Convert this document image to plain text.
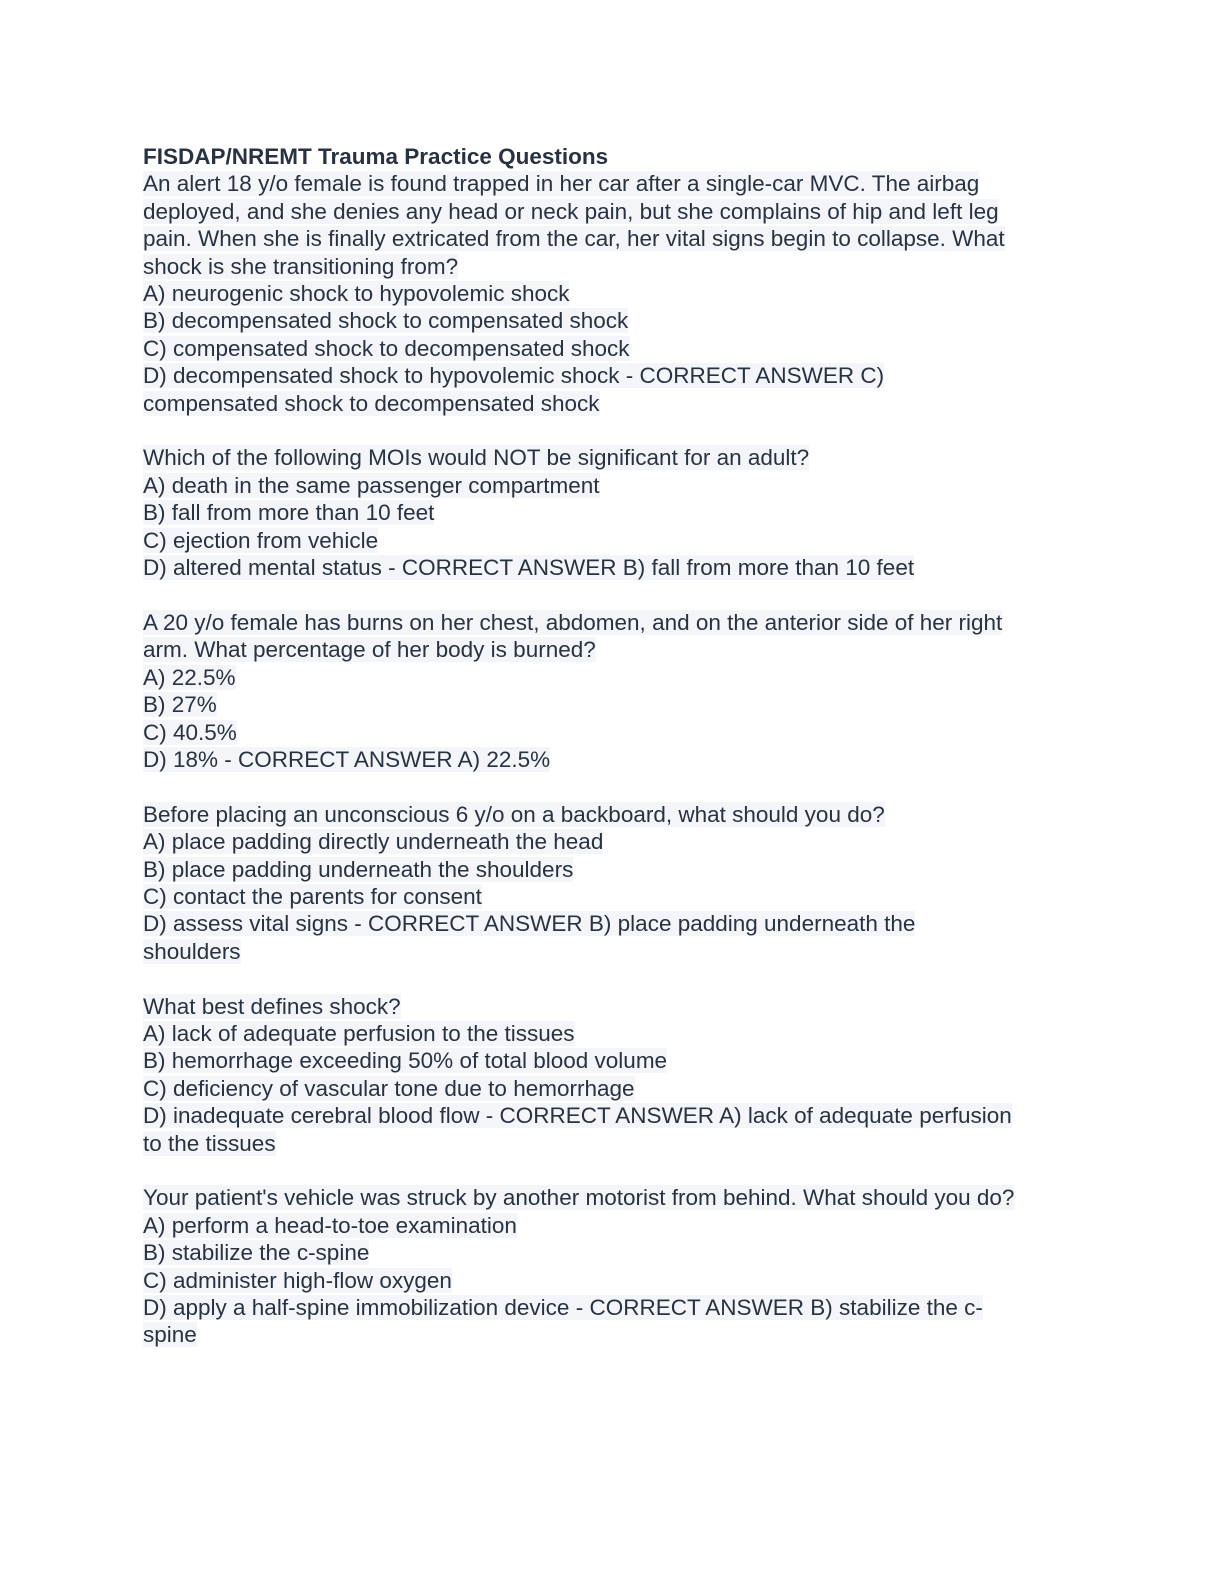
FISDAP/NREMT Trauma Practice Questions

An alert 18 y/o female is found trapped in her car after a single-car MVC. The airbag

deployed, and she denies any head or neck pain, but she complains of hip and left leg

pain. When she is finally extricated from the car, her vital signs begin to collapse. What

shock is she transitioning from?

A) neurogenic shock to hypovolemic shock

B) decompensated shock to compensated shock

C) compensated shock to decompensated shock

D) decompensated shock to hypovolemic shock - CORRECT ANSWER C)

compensated shock to decompensated shock

Which of the following MOIs would NOT be significant for an adult?

A) death in the same passenger compartment

B) fall from more than 10 feet

C) ejection from vehicle

D) altered mental status - CORRECT ANSWER B) fall from more than 10 feet

A 20 y/o female has burns on her chest, abdomen, and on the anterior side of her right

arm. What percentage of her body is burned?

A) 22.5%

B) 27%

C) 40.5%

D) 18% - CORRECT ANSWER A) 22.5%

Before placing an unconscious 6 y/o on a backboard, what should you do?

A) place padding directly underneath the head

B) place padding underneath the shoulders

C) contact the parents for consent

D) assess vital signs - CORRECT ANSWER B) place padding underneath the

shoulders

What best defines shock?

A) lack of adequate perfusion to the tissues

B) hemorrhage exceeding 50% of total blood volume

C) deficiency of vascular tone due to hemorrhage

D) inadequate cerebral blood flow - CORRECT ANSWER A) lack of adequate perfusion

to the tissues

Your patient's vehicle was struck by another motorist from behind. What should you do?

A) perform a head-to-toe examination

B) stabilize the c-spine

C) administer high-flow oxygen

D) apply a half-spine immobilization device - CORRECT ANSWER B) stabilize the c-

spine
